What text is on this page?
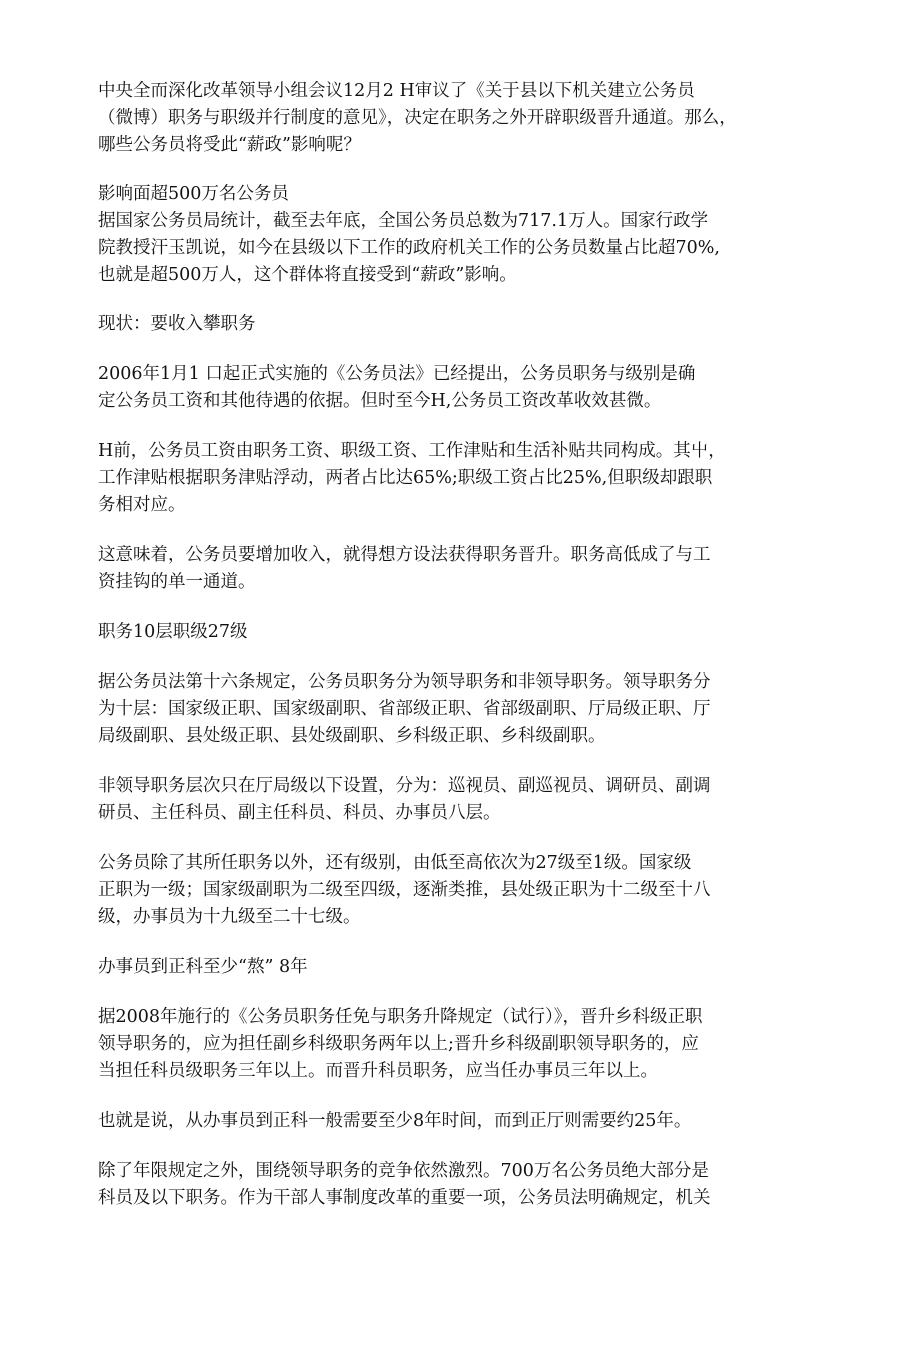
中央全而深化改革领导小组会议12月2 H审议了《关于县以下机关建立公务员
（微博）职务与职级并行制度的意见》，决定在职务之外开辟职级晋升通道。那么，
哪些公务员将受此“薪政”影响呢？

影响面超500万名公务员

据国家公务员局统计，截至去年底，全国公务员总数为717.1万人。国家行政学
院教授汗玉凯说，如今在县级以下工作的政府机关工作的公务员数量占比超70%,
也就是超500万人，这个群体将直接受到“薪政”影响。

现状：要收入攀职务

2006年1月1 口起正式实施的《公务员法》已经提出，公务员职务与级别是确
定公务员工资和其他待遇的依据。但时至今H,公务员工资改革收效甚微。

H前，公务员工资由职务工资、职级工资、工作津贴和生活补贴共同构成。其屮，
工作津贴根据职务津贴浮动，两者占比达65%;职级工资占比25%,但职级却跟职
务相对应。

这意味着，公务员要增加收入，就得想方设法获得职务晋升。职务高低成了与工
资挂钩的单一通道。

职务10层职级27级

据公务员法第十六条规定，公务员职务分为领导职务和非领导职务。领导职务分
为十层：国家级正职、国家级副职、省部级正职、省部级副职、厅局级正职、厅
局级副职、县处级正职、县处级副职、乡科级正职、乡科级副职。

非领导职务层次只在厅局级以下设置，分为：巡视员、副巡视员、调研员、副调
研员、主任科员、副主任科员、科员、办事员八层。

公务员除了其所任职务以外，还有级别，由低至高依次为27级至1级。国家级
正职为一级；国家级副职为二级至四级，逐渐类推，县处级正职为十二级至十八
级，办事员为十九级至二十七级。

办事员到正科至少“熬” 8年

据2008年施行的《公务员职务任免与职务升降规定（试行）》，晋升乡科级正职
领导职务的，应为担任副乡科级职务两年以上;晋升乡科级副职领导职务的，应
当担任科员级职务三年以上。而晋升科员职务，应当任办事员三年以上。

也就是说，从办事员到正科一般需要至少8年时间，而到正厅则需要约25年。

除了年限规定之外，围绕领导职务的竞争依然激烈。700万名公务员绝大部分是
科员及以下职务。作为干部人事制度改革的重要一项，公务员法明确规定，机关
